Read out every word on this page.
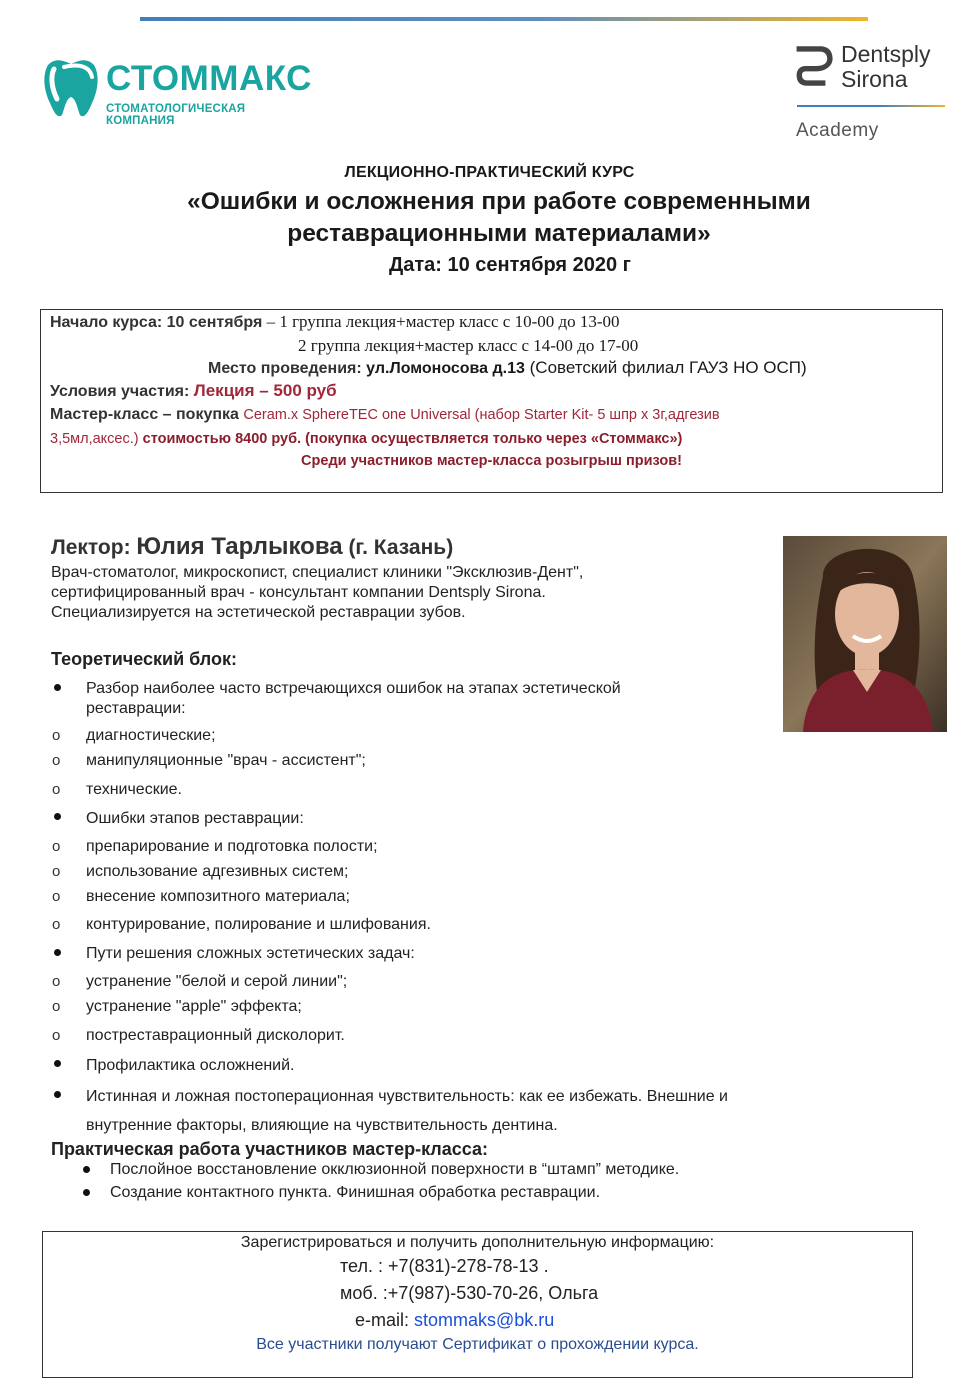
СТОММАКС
СТОМАТОЛОГИЧЕСКАЯ КОМПАНИЯ
Dentsply
Sirona
Academy
ЛЕКЦИОННО-ПРАКТИЧЕСКИЙ КУРС
«Ошибки и осложнения при работе современными
реставрационными материалами»
Дата: 10 сентября 2020 г
Начало курса: 10 сентября – 1 группа лекция+мастер класс с 10-00 до 13-00
2 группа лекция+мастер класс с 14-00 до 17-00
Место проведения: ул.Ломоносова д.13 (Советский филиал ГАУЗ НО ОСП)
Условия участия: Лекция – 500 руб
Мастер-класс – покупка Ceram.x SphereTEC one Universal (набор Starter Kit- 5 шпр х 3г,адгезив
3,5мл,аксес.) стоимостью 8400 руб. (покупка осуществляется только через «Стоммакс»)
Среди участников мастер-класса розыгрыш призов!
Лектор: Юлия Тарлыкова (г. Казань)
Врач-стоматолог, микроскопист, специалист клиники "Эксклюзив-Дент",
сертифицированный врач - консультант компании Dentsply Sirona.
Специализируется на эстетической реставрации зубов.
Теоретический блок:
Разбор наиболее часто встречающихся ошибок на этапах эстетической
реставрации:
o диагностические;
o манипуляционные "врач - ассистент";
o технические.
Ошибки этапов реставрации:
o препарирование и подготовка полости;
o использование адгезивных систем;
o внесение композитного материала;
o контурирование, полирование и шлифования.
Пути решения сложных эстетических задач:
o устранение "белой и серой линии";
o устранение "apple" эффекта;
o постреставрационный дисколорит.
Профилактика осложнений.
Истинная и ложная постоперационная чувствительность: как ее избежать. Внешние и
внутренние факторы, влияющие на чувствительность дентина.
Практическая работа участников мастер-класса:
Послойное восстановление окклюзионной поверхности в “штамп” методике.
Создание контактного пункта. Финишная обработка реставрации.
Зарегистрироваться и получить дополнительную информацию:
тел. : +7(831)-278-78-13 .
моб. :+7(987)-530-70-26, Ольга
e-mail: stommaks@bk.ru
Все участники получают Сертификат о прохождении курса.
